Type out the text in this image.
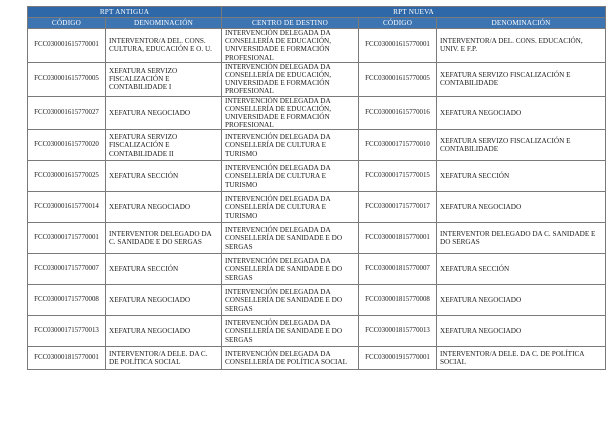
RPT ANTIGUA		RPT NUEVA		
CÓDIGO	DENOMINACIÓN	CENTRO DE DESTINO	CÓDIGO	DENOMINACIÓN
FCC030001615770001	INTERVENTOR/A DEL. CONS. CULTURA, EDUCACIÓN E O. U.	INTERVENCIÓN DELEGADA DA CONSELLERÍA DE EDUCACIÓN, UNIVERSIDADE E FORMACIÓN PROFESIONAL	FCC030001615770001	INTERVENTOR/A DEL. CONS. EDUCACIÓN, UNIV. E F.P.
FCC030001615770005	XEFATURA SERVIZO FISCALIZACIÓN E CONTABILIDADE I	INTERVENCIÓN DELEGADA DA CONSELLERÍA DE EDUCACIÓN, UNIVERSIDADE E FORMACIÓN PROFESIONAL	FCC030001615770005	XEFATURA SERVIZO FISCALIZACIÓN E CONTABILIDADE
FCC030001615770027	XEFATURA NEGOCIADO	INTERVENCIÓN DELEGADA DA CONSELLERÍA DE EDUCACIÓN, UNIVERSIDADE E FORMACIÓN PROFESIONAL	FCC030001615770016	XEFATURA NEGOCIADO
FCC030001615770020	XEFATURA SERVIZO FISCALIZACIÓN E CONTABILIDADE II	INTERVENCIÓN DELEGADA DA CONSELLERÍA DE CULTURA E TURISMO	FCC030001715770010	XEFATURA SERVIZO FISCALIZACIÓN E CONTABILIDADE
FCC030001615770025	XEFATURA SECCIÓN	INTERVENCIÓN DELEGADA DA CONSELLERÍA DE CULTURA E TURISMO	FCC030001715770015	XEFATURA SECCIÓN
FCC030001615770014	XEFATURA NEGOCIADO	INTERVENCIÓN DELEGADA DA CONSELLERÍA DE CULTURA E TURISMO	FCC030001715770017	XEFATURA NEGOCIADO
FCC030001715770001	INTERVENTOR DELEGADO DA C. SANIDADE E DO SERGAS	INTERVENCIÓN DELEGADA DA CONSELLERÍA DE SANIDADE E DO SERGAS	FCC030001815770001	INTERVENTOR DELEGADO DA C. SANIDADE E DO SERGAS
FCC030001715770007	XEFATURA SECCIÓN	INTERVENCIÓN DELEGADA DA CONSELLERÍA DE SANIDADE E DO SERGAS	FCC030001815770007	XEFATURA SECCIÓN
FCC030001715770008	XEFATURA NEGOCIADO	INTERVENCIÓN DELEGADA DA CONSELLERÍA DE SANIDADE E DO SERGAS	FCC030001815770008	XEFATURA NEGOCIADO
FCC030001715770013	XEFATURA NEGOCIADO	INTERVENCIÓN DELEGADA DA CONSELLERÍA DE SANIDADE E DO SERGAS	FCC030001815770013	XEFATURA NEGOCIADO
FCC030001815770001	INTERVENTOR/A DELE. DA C. DE POLÍTICA SOCIAL	INTERVENCIÓN DELEGADA DA CONSELLERÍA DE POLÍTICA SOCIAL	FCC030001915770001	INTERVENTOR/A DELE. DA C. DE POLÍTICA SOCIAL
